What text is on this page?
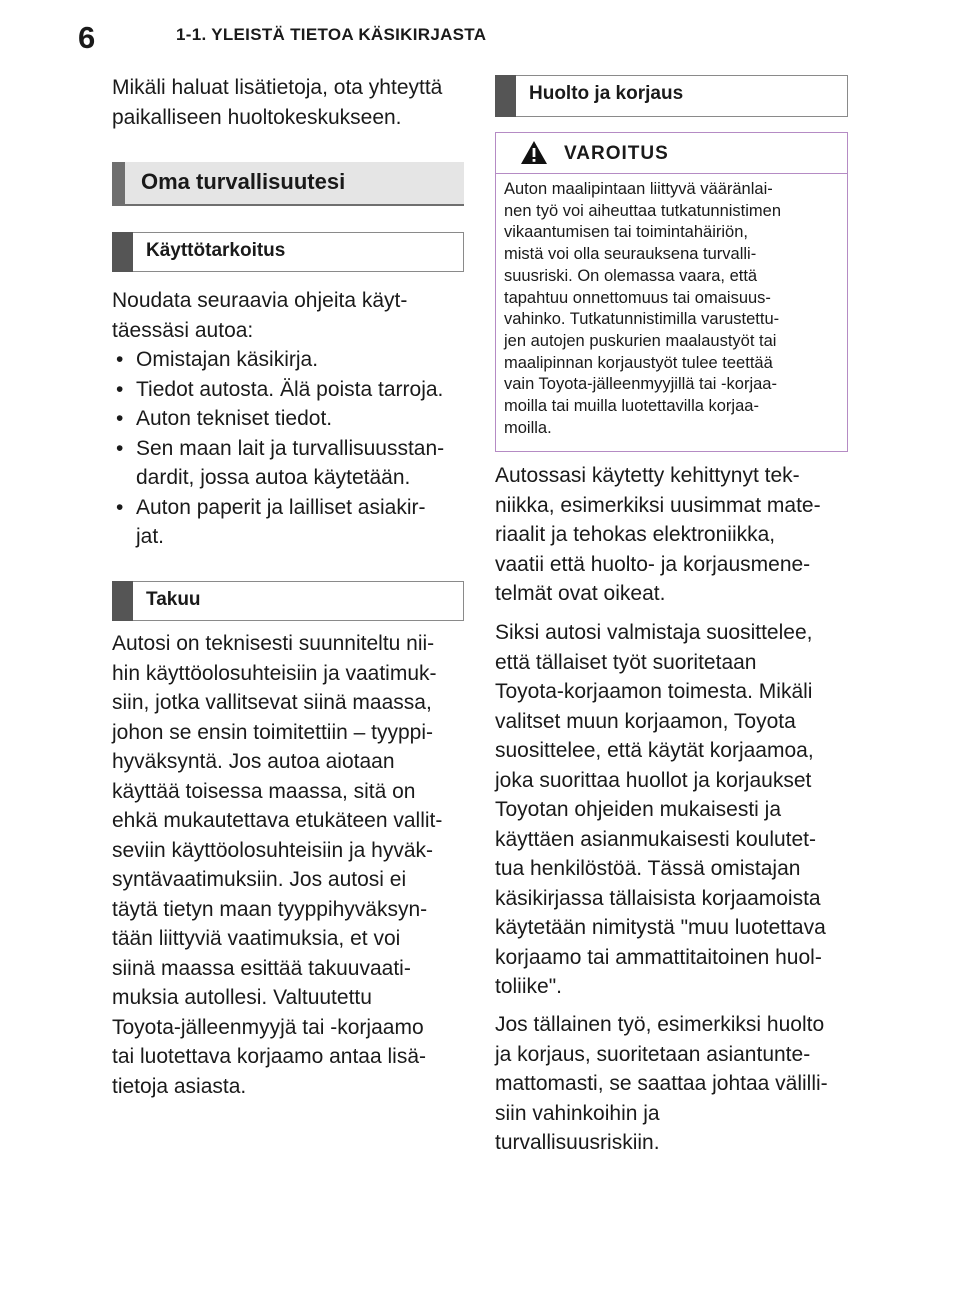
6	1-1. YLEISTÄ TIETOA KÄSIKIRJASTA

Mikäli haluat lisätietoja, ota yhteyttä
paikalliseen huoltokeskukseen.

Oma turvallisuutesi
Käyttötarkoitus

Noudata seuraavia ohjeita käyt-
täessäsi autoa:

• Omistajan käsikirja.
• Tiedot autosta. Älä poista tarroja.
• Auton tekniset tiedot.
• Sen maan lait ja turvallisuusstan-
dardit, jossa autoa käytetään.
• Auton paperit ja lailliset asiakir-
jat.
Takuu

Autosi on teknisesti suunniteltu nii-
hin käyttöolosuhteisiin ja vaatimuk-
siin, jotka vallitsevat siinä maassa,
johon se ensin toimitettiin – tyyppi-
hyväksyntä. Jos autoa aiotaan
käyttää toisessa maassa, sitä on
ehkä mukautettava etukäteen vallit-
seviin käyttöolosuhteisiin ja hyväk-
syntävaatimuksiin. Jos autosi ei
täytä tietyn maan tyyppihyväksyn-
tään liittyviä vaatimuksia, et voi
siinä maassa esittää takuuvaati-
muksia autollesi. Valtuutettu
Toyota-jälleenmyyjä tai -korjaamo
tai luotettava korjaamo antaa lisä-
tietoja asiasta.

Huolto ja korjaus
VAROITUS
Auton maalipintaan liittyvä vääränlai-
nen työ voi aiheuttaa tutkatunnistimen
vikaantumisen tai toimintahäiriön,
mistä voi olla seurauksena turvalli-
suusriski. On olemassa vaara, että
tapahtuu onnettomuus tai omaisuus-
vahinko. Tutkatunnistimilla varustettu-
jen autojen puskurien maalaustyöt tai
maalipinnan korjaustyöt tulee teettää
vain Toyota-jälleenmyyjillä tai -korjaa-
moilla tai muilla luotettavilla korjaa-
moilla.

Autossasi käytetty kehittynyt tek-
niikka, esimerkiksi uusimmat mate-
riaalit ja tehokas elektroniikka,
vaatii että huolto- ja korjausmene-
telmät ovat oikeat.

Siksi autosi valmistaja suosittelee,
että tällaiset työt suoritetaan
Toyota-korjaamon toimesta. Mikäli
valitset muun korjaamon, Toyota
suosittelee, että käytät korjaamoa,
joka suorittaa huollot ja korjaukset
Toyotan ohjeiden mukaisesti ja
käyttäen asianmukaisesti koulutet-
tua henkilöstöä. Tässä omistajan
käsikirjassa tällaisista korjaamoista
käytetään nimitystä "muu luotettava
korjaamo tai ammattitaitoinen huol-
toliike".

Jos tällainen työ, esimerkiksi huolto
ja korjaus, suoritetaan asiantunte-
mattomasti, se saattaa johtaa välilli-
siin vahinkoihin ja
turvallisuusriskiin.
